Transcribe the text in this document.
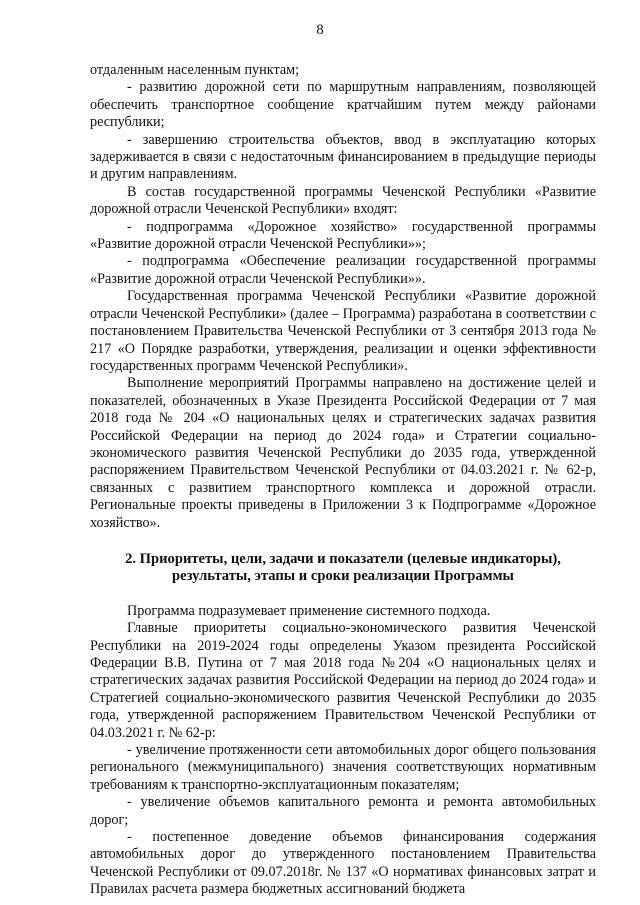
8

отдаленным населенным пунктам;

- развитию дорожной сети по маршрутным направлениям, позволяющей обеспечить транспортное сообщение кратчайшим путем между районами республики;

- завершению строительства объектов, ввод в эксплуатацию которых задерживается в связи с недостаточным финансированием в предыдущие периоды и другим направлениям.

В состав государственной программы Чеченской Республики «Развитие дорожной отрасли Чеченской Республики» входят:

- подпрограмма «Дорожное хозяйство» государственной программы «Развитие дорожной отрасли Чеченской Республики»»;

- подпрограмма «Обеспечение реализации государственной программы «Развитие дорожной отрасли Чеченской Республики»».

Государственная программа Чеченской Республики «Развитие дорожной отрасли Чеченской Республики» (далее – Программа) разработана в соответствии с постановлением Правительства Чеченской Республики от 3 сентября 2013 года № 217 «О Порядке разработки, утверждения, реализации и оценки эффективности государственных программ Чеченской Республики».

Выполнение мероприятий Программы направлено на достижение целей и показателей, обозначенных в Указе Президента Российской Федерации от 7 мая 2018 года № 204 «О национальных целях и стратегических задачах развития Российской Федерации на период до 2024 года» и Стратегии социально-экономического развития Чеченской Республики до 2035 года, утвержденной распоряжением Правительством Чеченской Республики от 04.03.2021 г. № 62-р, связанных с развитием транспортного комплекса и дорожной отрасли. Региональные проекты приведены в Приложении 3 к Подпрограмме «Дорожное хозяйство».

2. Приоритеты, цели, задачи и показатели (целевые индикаторы), результаты, этапы и сроки реализации Программы

Программа подразумевает применение системного подхода.

Главные приоритеты социально-экономического развития Чеченской Республики на 2019-2024 годы определены Указом президента Российской Федерации В.В. Путина от 7 мая 2018 года №204 «О национальных целях и стратегических задачах развития Российской Федерации на период до 2024 года» и Стратегией социально-экономического развития Чеченской Республики до 2035 года, утвержденной распоряжением Правительством Чеченской Республики от 04.03.2021 г. № 62-р:

- увеличение протяженности сети автомобильных дорог общего пользования регионального (межмуниципального) значения соответствующих нормативным требованиям к транспортно-эксплуатационным показателям;

- увеличение объемов капитального ремонта и ремонта автомобильных дорог;

- постепенное доведение объемов финансирования содержания автомобильных дорог до утвержденного постановлением Правительства Чеченской Республики от 09.07.2018г. № 137 «О нормативах финансовых затрат и Правилах расчета размера бюджетных ассигнований бюджета
